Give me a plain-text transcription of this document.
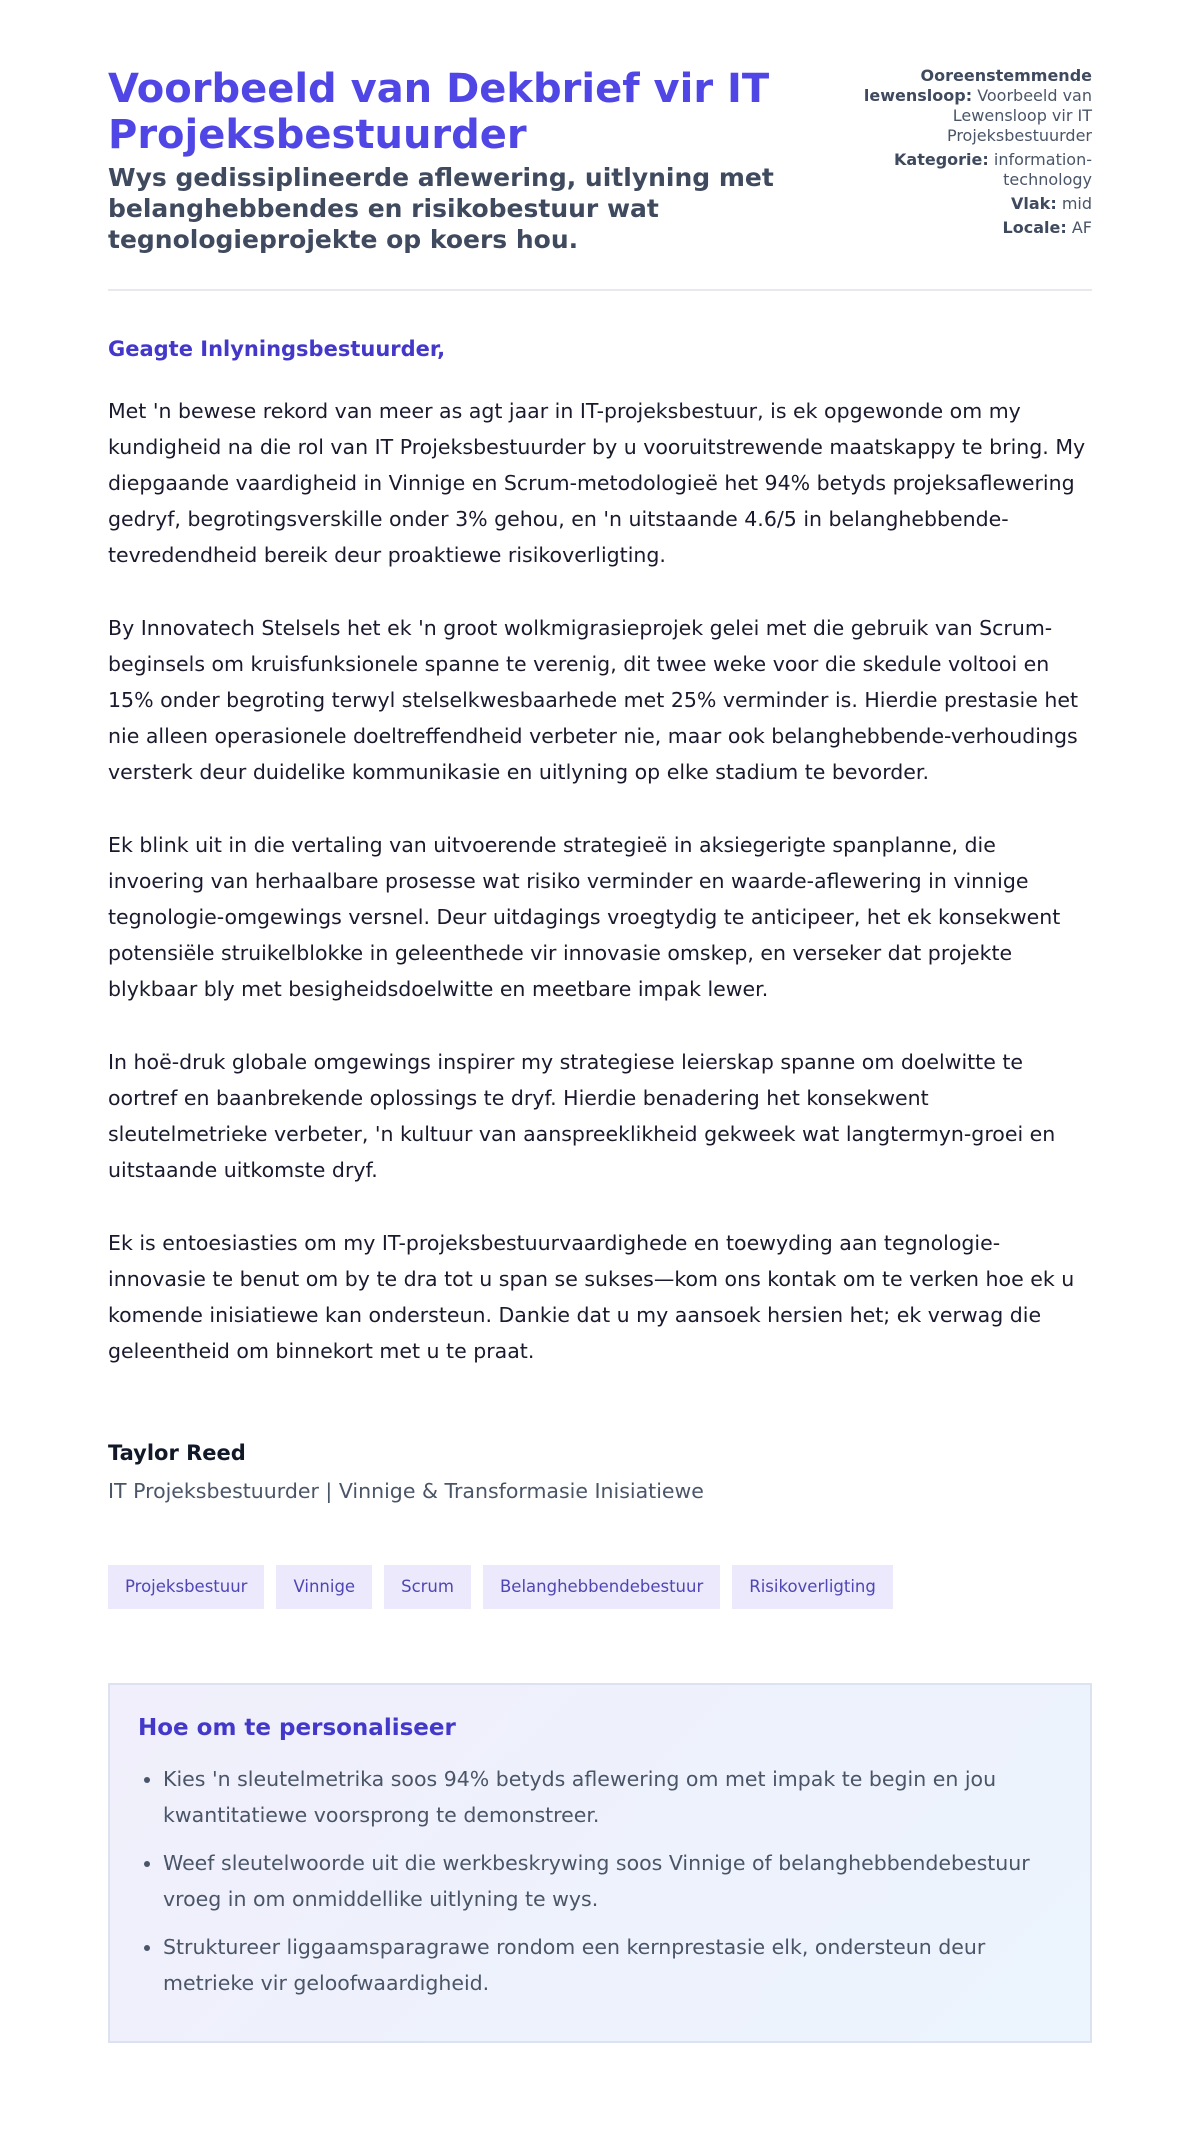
Voorbeeld van Dekbrief vir IT Projeksbestuurder
Wys gedissiplineerde aflewering, uitlyning met belanghebbendes en risikobestuur wat tegnologieprojekte op koers hou.
Ooreenstemmende lewensloop: Voorbeeld van Lewensloop vir IT Projeksbestuurder
Kategorie: information-technology
Vlak: mid
Locale: AF

Geagte Inlyningsbestuurder,

Met 'n bewese rekord van meer as agt jaar in IT-projeksbestuur, is ek opgewonde om my kundigheid na die rol van IT Projeksbestuurder by u vooruitstrewende maatskappy te bring. My diepgaande vaardigheid in Vinnige en Scrum-metodologieë het 94% betyds projeksaflewering gedryf, begrotingsverskille onder 3% gehou, en 'n uitstaande 4.6/5 in belanghebbende-tevredendheid bereik deur proaktiewe risikoverligting.

By Innovatech Stelsels het ek 'n groot wolkmigrasieprojek gelei met die gebruik van Scrum-beginsels om kruisfunksionele spanne te verenig, dit twee weke voor die skedule voltooi en 15% onder begroting terwyl stelselkwesbaarhede met 25% verminder is. Hierdie prestasie het nie alleen operasionele doeltreffendheid verbeter nie, maar ook belanghebbende-verhoudings versterk deur duidelike kommunikasie en uitlyning op elke stadium te bevorder.

Ek blink uit in die vertaling van uitvoerende strategieë in aksiegerigte spanplanne, die invoering van herhaalbare prosesse wat risiko verminder en waarde-aflewering in vinnige tegnologie-omgewings versnel. Deur uitdagings vroegtydig te anticipeer, het ek konsekwent potensiële struikelblokke in geleenthede vir innovasie omskep, en verseker dat projekte blykbaar bly met besigheidsdoelwitte en meetbare impak lewer.

In hoë-druk globale omgewings inspirer my strategiese leierskap spanne om doelwitte te oortref en baanbrekende oplossings te dryf. Hierdie benadering het konsekwent sleutelmetrieke verbeter, 'n kultuur van aanspreeklikheid gekweek wat langtermyn-groei en uitstaande uitkomste dryf.

Ek is entoesiasties om my IT-projeksbestuurvaardighede en toewyding aan tegnologie-innovasie te benut om by te dra tot u span se sukses—kom ons kontak om te verken hoe ek u komende inisiatiewe kan ondersteun. Dankie dat u my aansoek hersien het; ek verwag die geleentheid om binnekort met u te praat.

Taylor Reed

IT Projeksbestuurder | Vinnige & Transformasie Inisiatiewe

Projeksbestuur	Vinnige	Scrum	Belanghebbendebestuur	Risikoverligting
Hoe om te personaliseer
• Kies 'n sleutelmetrika soos 94% betyds aflewering om met impak te begin en jou kwantitatiewe voorsprong te demonstreer.
• Weef sleutelwoorde uit die werkbeskrywing soos Vinnige of belanghebbendebestuur vroeg in om onmiddellike uitlyning te wys.
• Struktureer liggaamsparagrawe rondom een kernprestasie elk, ondersteun deur metrieke vir geloofwaardigheid.
